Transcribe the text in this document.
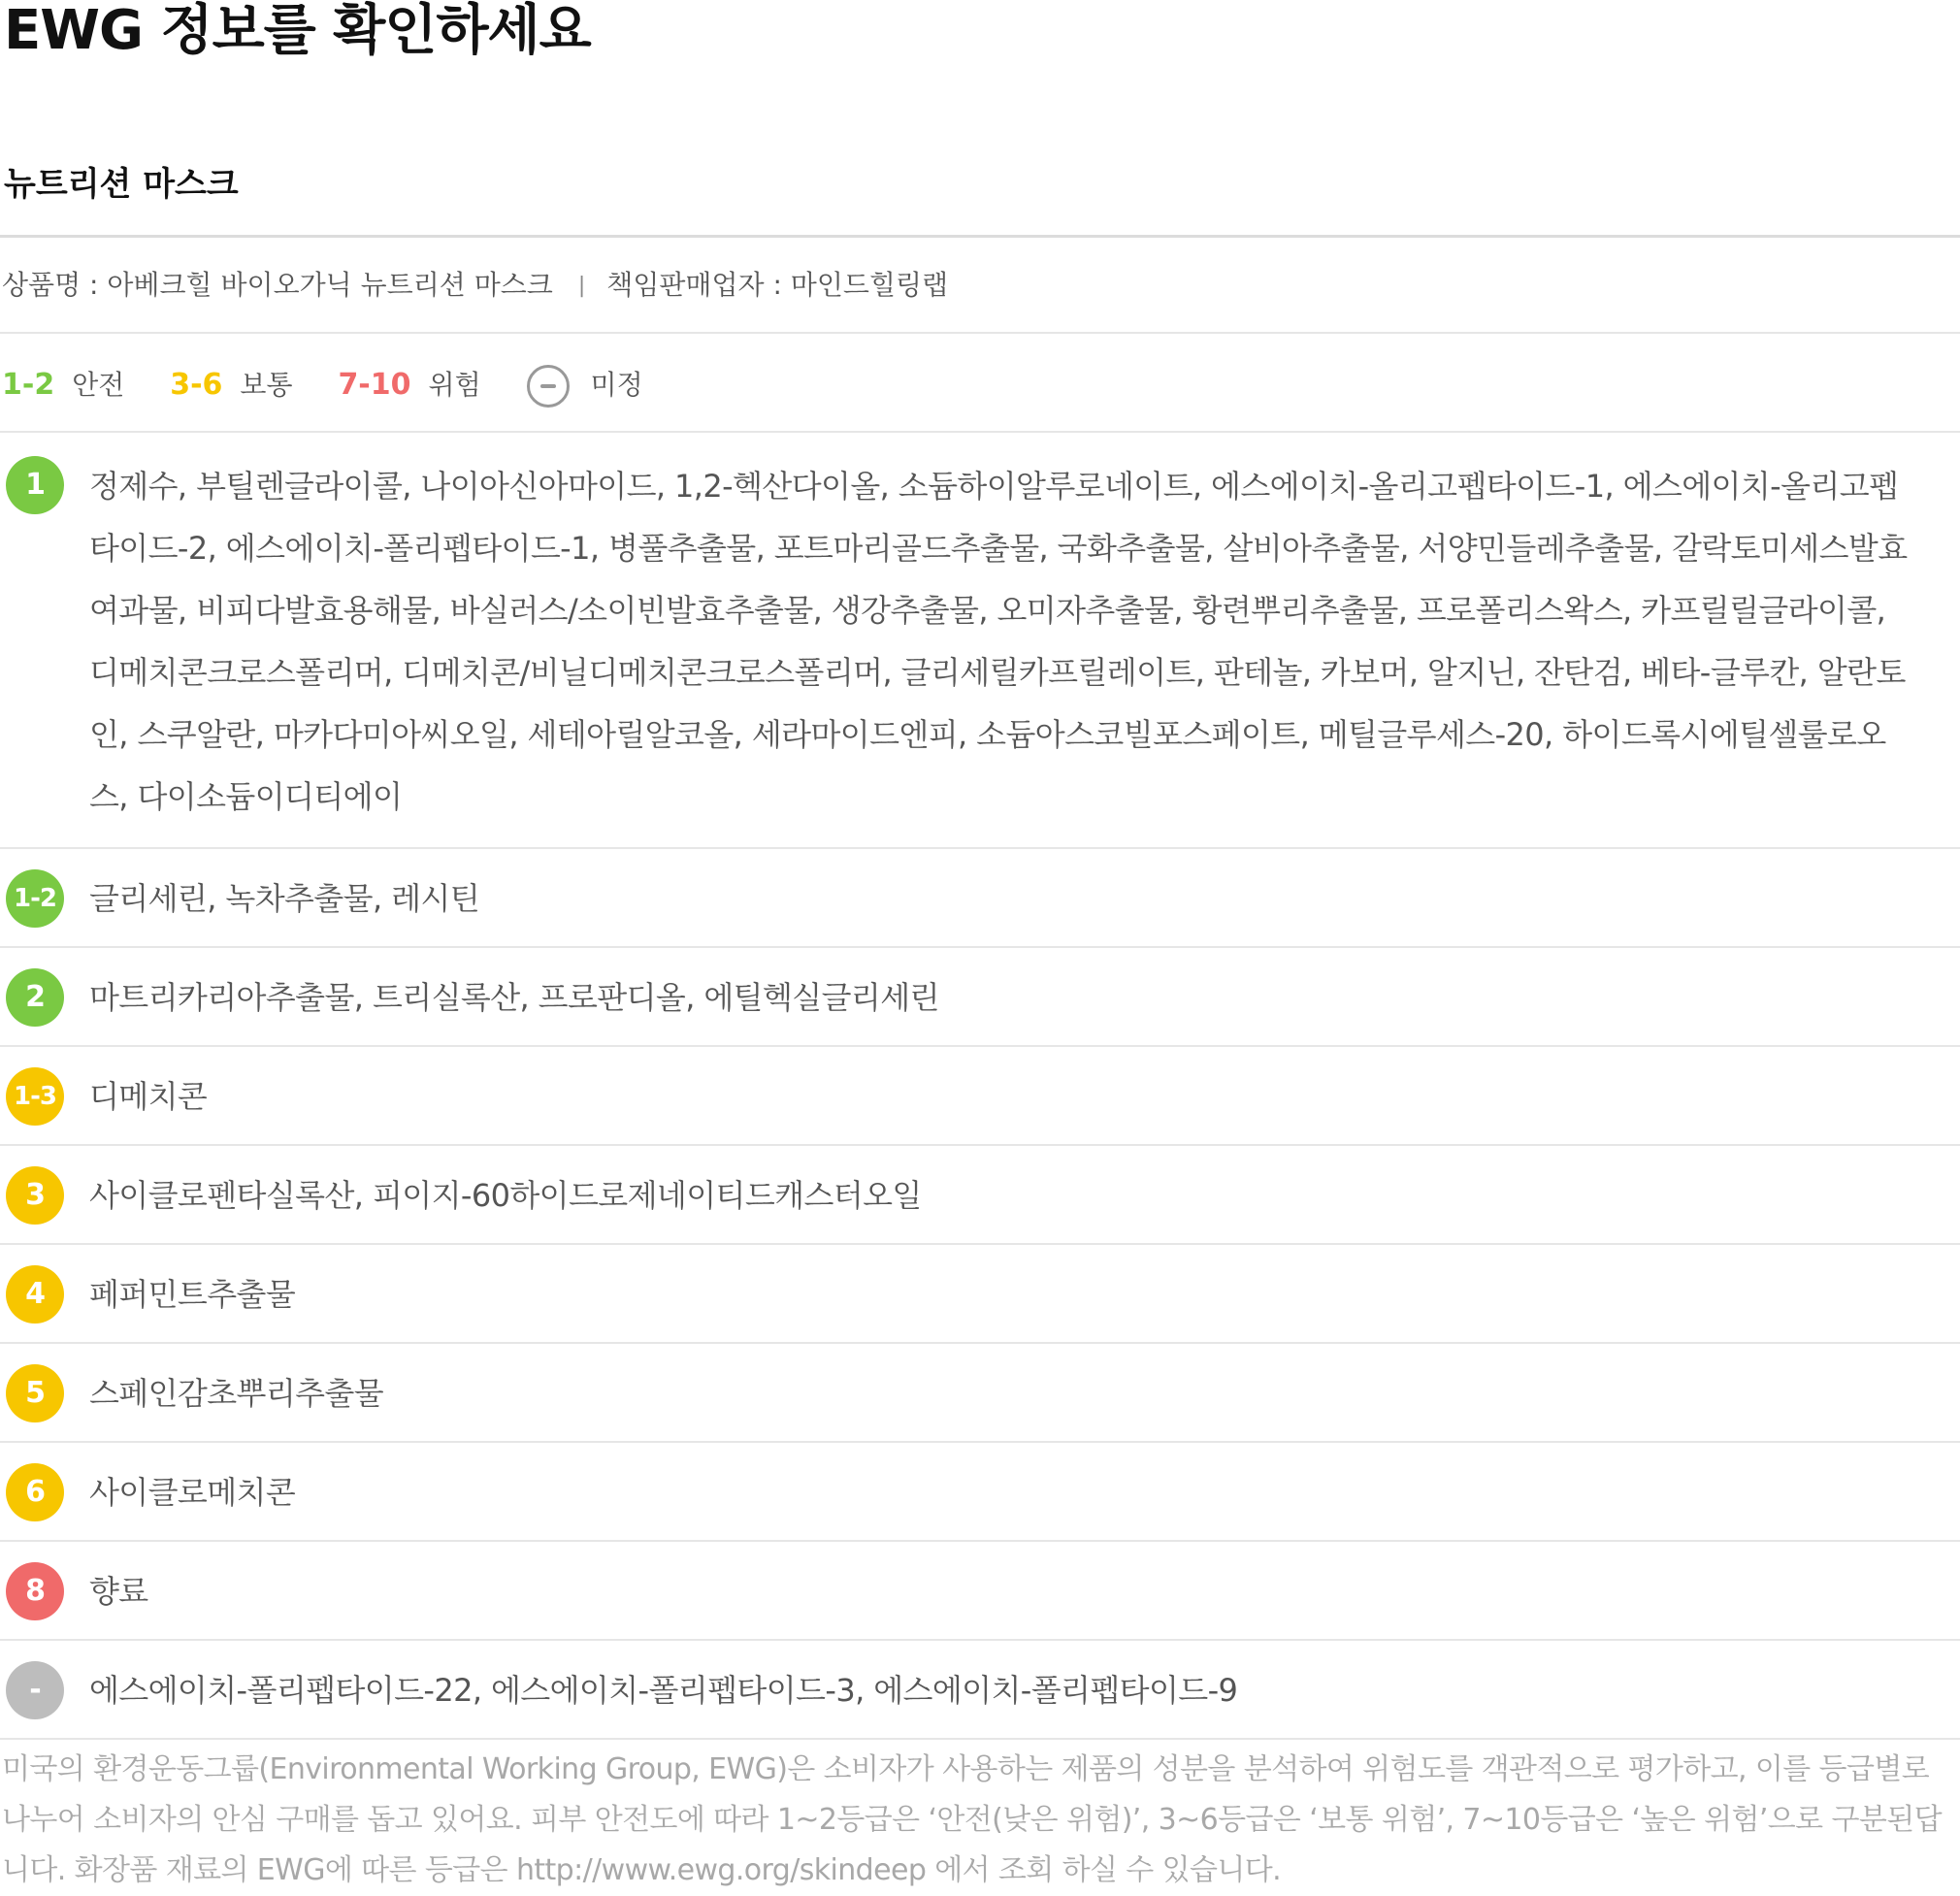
EWG 정보를 확인하세요
뉴트리션 마스크
상품명 : 아베크힐 바이오가닉 뉴트리션 마스크 | 책임판매업자 : 마인드힐링랩
1-2 안전 3-6 보통 7-10 위험	미정
1	정제수, 부틸렌글라이콜, 나이아신아마이드, 1,2-헥산다이올, 소듐하이알루로네이트, 에스에이치-올리고펩타이드-1, 에스에이치-올리고펩타이드-2, 에스에이치-폴리펩타이드-1, 병풀추출물, 포트마리골드추출물, 국화추출물, 살비아추출물, 서양민들레추출물, 갈락토미세스발효여과물, 비피다발효용해물, 바실러스/소이빈발효추출물, 생강추출물, 오미자추출물, 황련뿌리추출물, 프로폴리스왁스, 카프릴릴글라이콜, 디메치콘크로스폴리머, 디메치콘/비닐디메치콘크로스폴리머, 글리세릴카프릴레이트, 판테놀, 카보머, 알지닌, 잔탄검, 베타-글루칸, 알란토인, 스쿠알란, 마카다미아씨오일, 세테아릴알코올, 세라마이드엔피, 소듐아스코빌포스페이트, 메틸글루세스-20, 하이드록시에틸셀룰로오스, 다이소듐이디티에이

1-2	글리세린, 녹차추출물, 레시틴

2	마트리카리아추출물, 트리실록산, 프로판디올, 에틸헥실글리세린

1-3	디메치콘

3	사이클로펜타실록산, 피이지-60하이드로제네이티드캐스터오일

4	페퍼민트추출물

5	스페인감초뿌리추출물

6	사이클로메치콘

8	향료

-	에스에이치-폴리펩타이드-22, 에스에이치-폴리펩타이드-3, 에스에이치-폴리펩타이드-9

미국의 환경운동그룹(Environmental Working Group, EWG)은 소비자가 사용하는 제품의 성분을 분석하여 위험도를 객관적으로 평가하고, 이를 등급별로 나누어 소비자의 안심 구매를 돕고 있어요. 피부 안전도에 따라 1~2등급은 ‘안전(낮은 위험)’, 3~6등급은 ‘보통 위험’, 7~10등급은 ‘높은 위험’으로 구분된답니다. 화장품 재료의 EWG에 따른 등급은 http://www.ewg.org/skindeep 에서 조회 하실 수 있습니다.
